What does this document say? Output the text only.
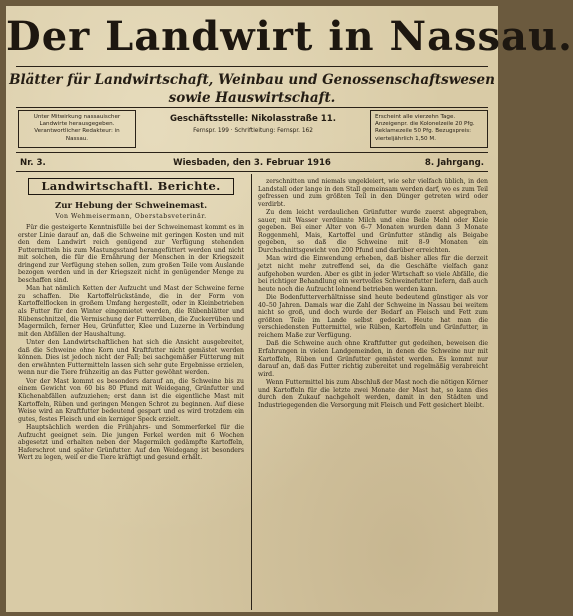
Der Landwirt in Nassau.
Blätter für Landwirtschaft, Weinbau und Genossenschaftswesen
sowie Hauswirtschaft.
Unter Mitwirkung nassauischer Landwirte herausgegeben. Verantwortlicher Redakteur: in Nassau.
Geschäftsstelle: Nikolasstraße 11.
Fernspr. 199 · Schriftleitung: Fernspr. 162
Erscheint alle vierzehn Tage. Anzeigenpr. die Kolonelzeile 20 Pfg. Reklamezeile 50 Pfg. Bezugspreis: vierteljährlich 1,50 M.
Nr. 3.	Wiesbaden, den 3. Februar 1916	8. Jahrgang.
Landwirtschaftl. Berichte.
Zur Hebung der Schweinemast.
Von Wehmeisermann, Oberstabsveterinär.

Für die gesteigerte Kenntnisfülle bei der Schweinemast kommt es in erster Linie darauf an, daß die Schweine mit geringen Kosten und mit den dem Landwirt reich genügend zur Verfügung stehenden Futtermitteln bis zum Mastungsstand herangefüttert werden und nicht mit solchen, die für die Ernährung der Menschen in der Kriegszeit dringend zur Verfügung stehen sollen, zum großen Teile vom Auslande bezogen werden und in der Kriegszeit nicht in genügender Menge zu beschaffen sind.

Man hat nämlich Ketten der Aufzucht und Mast der Schweine ferne zu schaffen. Die Kartoffelrückstände, die in der Form von Kartoffelflocken in großem Umfang hergestellt, oder in Kleinbetrieben als Futter für den Winter eingemietet werden, die Rübenblätter und Rübenschnitzel, die Vermischung der Futterrüben, die Zuckerrüben und Magermilch, ferner Heu, Grünfutter, Klee und Luzerne in Verbindung mit den Abfällen der Haushaltung.

Unter den Landwirtschaftlichen hat sich die Ansicht ausgebreitet, daß die Schweine ohne Korn und Kraftfutter nicht gemästet werden können. Dies ist jedoch nicht der Fall; bei sachgemäßer Fütterung mit den erwähnten Futtermitteln lassen sich sehr gute Ergebnisse erzielen, wenn nur die Tiere frühzeitig an das Futter gewöhnt werden.

Vor der Mast kommt es besonders darauf an, die Schweine bis zu einem Gewicht von 60 bis 80 Pfund mit Weidegang, Grünfutter und Küchenabfällen aufzuziehen; erst dann ist die eigentliche Mast mit Kartoffeln, Rüben und geringen Mengen Schrot zu beginnen. Auf diese Weise wird an Kraftfutter bedeutend gespart und es wird trotzdem ein gutes, festes Fleisch und ein kerniger Speck erzielt.

Hauptsächlich werden die Frühjahrs- und Sommerferkel für die Aufzucht geeignet sein. Die jungen Ferkel werden mit 6 Wochen abgesetzt und erhalten neben der Magermilch gedämpfte Kartoffeln, Haferschrot und später Grünfutter. Auf den Weidegang ist besonders Wert zu legen, weil er die Tiere kräftigt und gesund erhält.

zerschnitten und niemals ungekleiert, wie sehr vielfach üblich, in den Landstall oder lange in den Stall gemeinsam werden darf, wo es zum Teil gefressen und zum größten Teil in den Dünger getreten wird oder verdirbt.

Zu dem leicht verdaulichen Grünfutter wurde zuerst abgegraben, sauer, mit Wasser verdünnte Milch und eine Beile Mehl oder Kleie gegeben. Bei einer Alter von 6–7 Monaten wurden dann 3 Monate Roggenmehl, Mais, Kartoffel und Grünfutter ständig als Beigabe gegeben, so daß die Schweine mit 8–9 Monaten ein Durchschnittsgewicht von 200 Pfund und darüber erreichten.

Man wird die Einwendung erheben, daß bisher alles für die derzeit jetzt nicht mehr zutreffend sei, da die Geschäfte vielfach ganz aufgehoben wurden. Aber es gibt in jeder Wirtschaft so viele Abfälle, die bei richtiger Behandlung ein wertvolles Schweinefutter liefern, daß auch heute noch die Aufzucht lohnend betrieben werden kann.

Die Bodenfutterverhältnisse sind heute bedeutend günstiger als vor 40–50 Jahren. Damals war die Zahl der Schweine in Nassau bei weitem nicht so groß, und doch wurde der Bedarf an Fleisch und Fett zum größten Teile im Lande selbst gedeckt. Heute hat man die verschiedensten Futtermittel, wie Rüben, Kartoffeln und Grünfutter, in reichem Maße zur Verfügung.

Daß die Schweine auch ohne Kraftfutter gut gedeihen, beweisen die Erfahrungen in vielen Landgemeinden, in denen die Schweine nur mit Kartoffeln, Rüben und Grünfutter gemästet werden. Es kommt nur darauf an, daß das Futter richtig zubereitet und regelmäßig verabreicht wird.

Wenn Futtermittel bis zum Abschluß der Mast noch die nötigen Körner und Kartoffeln für die letzte zwei Monate der Mast hat, so kann dies durch den Zukauf nachgeholt werden, damit in den Städten und Industriegegenden die Versorgung mit Fleisch und Fett gesichert bleibt.
